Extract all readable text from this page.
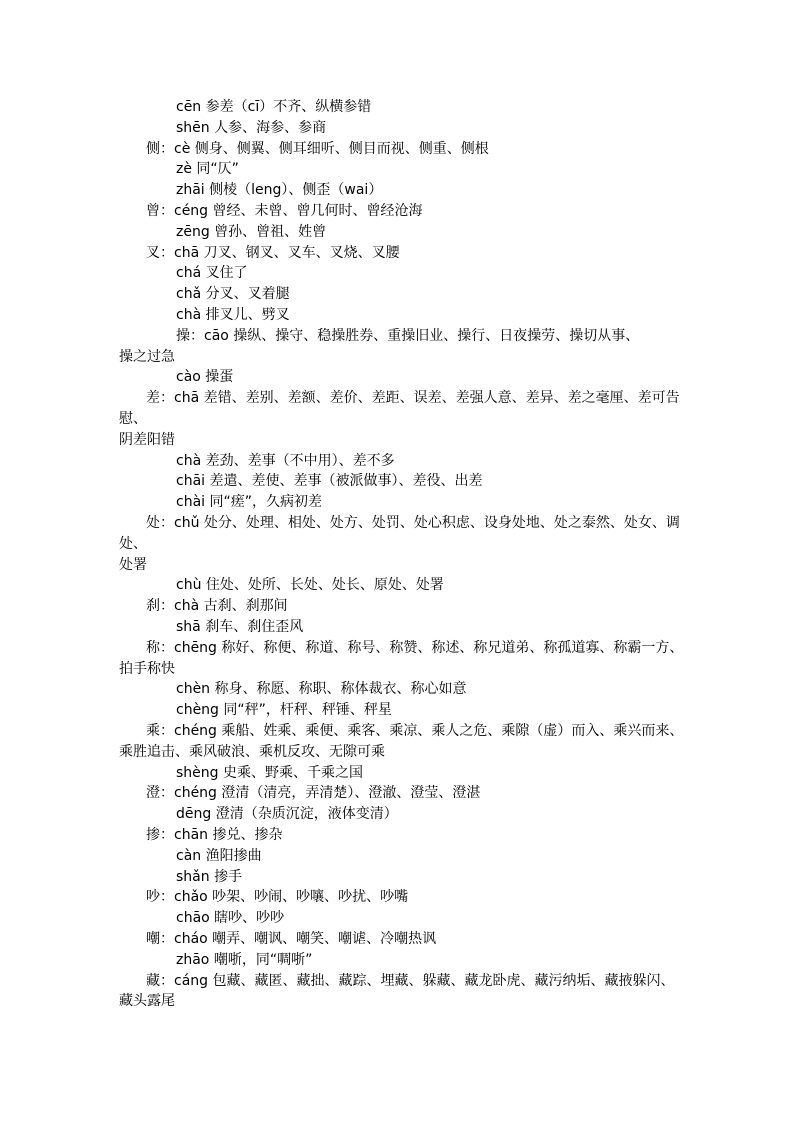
cēn 参差（cī）不齐、纵横参错
shēn 人参、海参、参商
侧：cè 侧身、侧翼、侧耳细听、侧目而视、侧重、侧根
zè 同“仄”
zhāi 侧棱（leng）、侧歪（wai）
曾：céng 曾经、未曾、曾几何时、曾经沧海
zēng 曾孙、曾祖、姓曾
叉：chā 刀叉、钢叉、叉车、叉烧、叉腰
chá 叉住了
chǎ 分叉、叉着腿
chà 排叉儿、劈叉
操：cāo 操纵、操守、稳操胜券、重操旧业、操行、日夜操劳、操切从事、
操之过急
cào 操蛋
差：chā 差错、差别、差额、差价、差距、误差、差强人意、差异、差之毫厘、差可告
慰、
阴差阳错
chà 差劲、差事（不中用）、差不多
chāi 差遣、差使、差事（被派做事）、差役、出差
chài 同“瘥”，久病初差
处：chǔ 处分、处理、相处、处方、处罚、处心积虑、设身处地、处之泰然、处女、调
处、
处署
chù 住处、处所、长处、处长、原处、处署
刹：chà 古刹、刹那间
shā 刹车、刹住歪风
称：chēng 称好、称便、称道、称号、称赞、称述、称兄道弟、称孤道寡、称霸一方、
拍手称快
chèn 称身、称愿、称职、称体裁衣、称心如意
chèng 同“秤”，杆秤、秤锤、秤星
乘：chéng 乘船、姓乘、乘便、乘客、乘凉、乘人之危、乘隙（虚）而入、乘兴而来、
乘胜追击、乘风破浪、乘机反攻、无隙可乘
shèng 史乘、野乘、千乘之国
澄：chéng 澄清（清亮，弄清楚）、澄澈、澄莹、澄湛
dēng 澄清（杂质沉淀，液体变清）
掺：chān 掺兑、掺杂
càn 渔阳掺曲
shǎn 掺手
吵：chǎo 吵架、吵闹、吵嚷、吵扰、吵嘴
chāo 瞎吵、吵吵
嘲：cháo 嘲弄、嘲讽、嘲笑、嘲谑、冷嘲热讽
zhāo 嘲哳，同“啁哳”
藏：cáng 包藏、藏匿、藏拙、藏踪、埋藏、躲藏、藏龙卧虎、藏污纳垢、藏掖躲闪、
藏头露尾
